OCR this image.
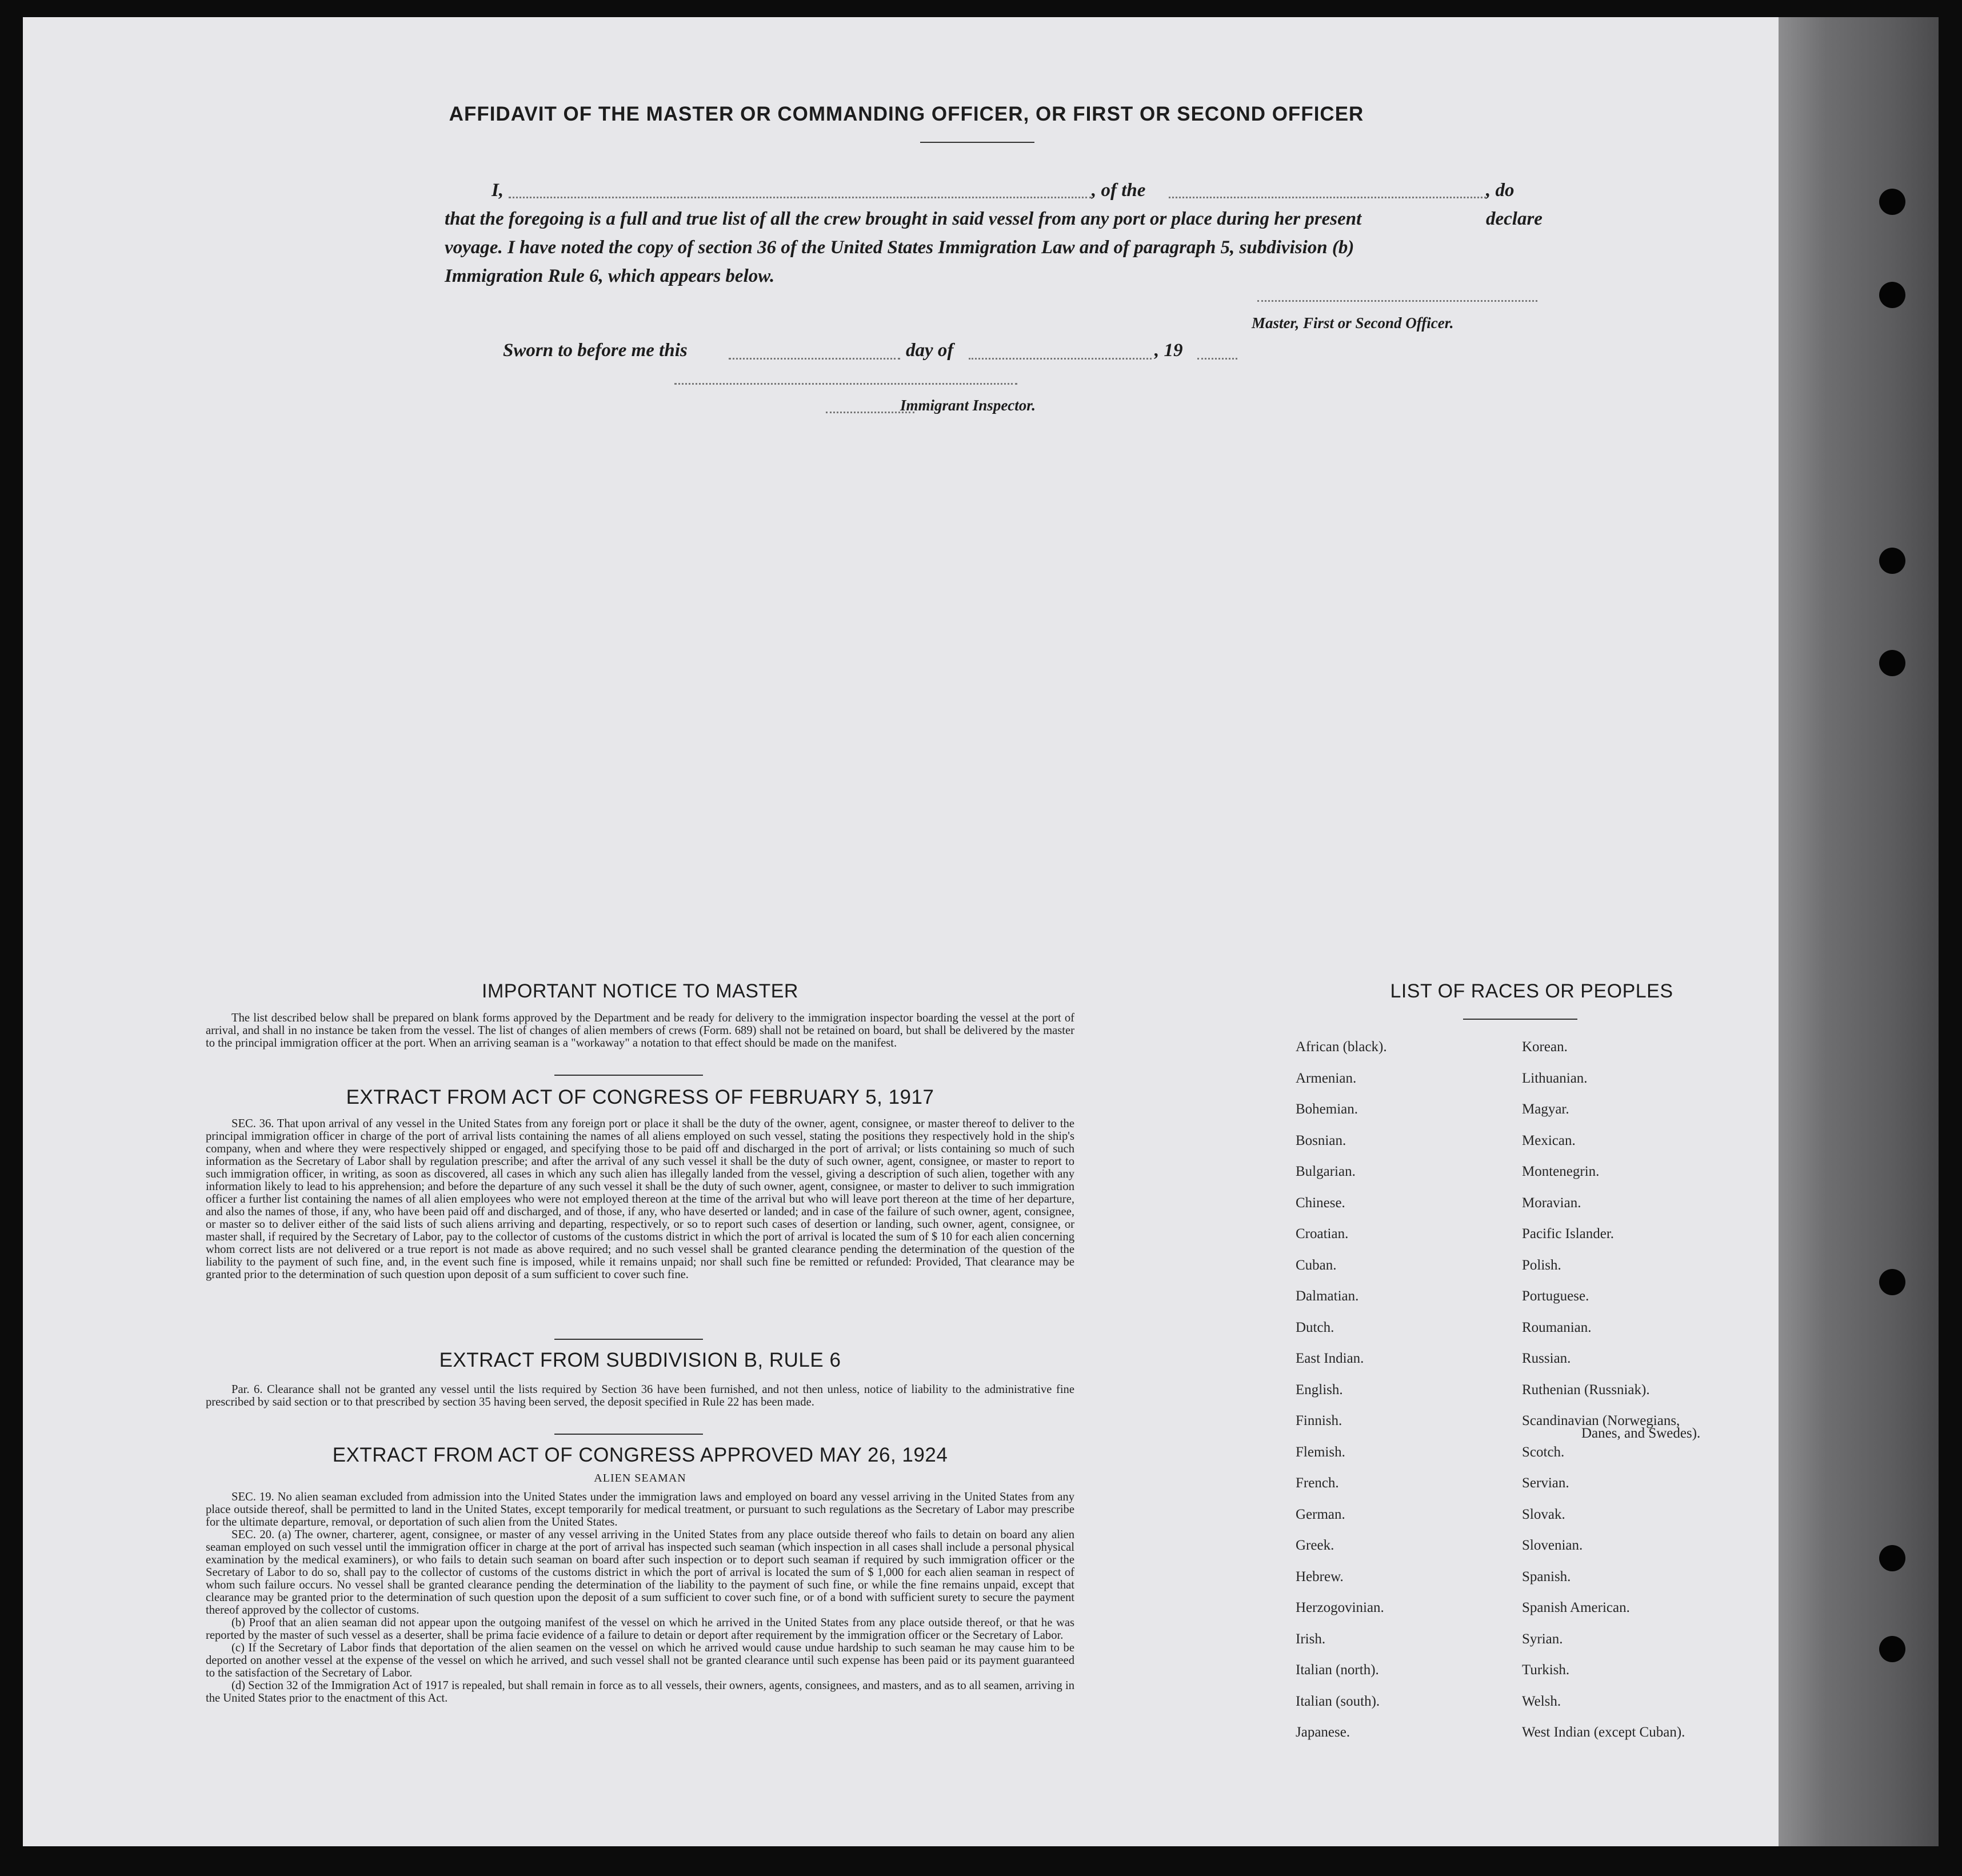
AFFIDAVIT OF THE MASTER OR COMMANDING OFFICER, OR FIRST OR SECOND OFFICER
I,	, of the	, do declare
that the foregoing is a full and true list of all the crew brought in said vessel from any port or place during her present
voyage. I have noted the copy of section 36 of the United States Immigration Law and of paragraph 5, subdivision (b)
Immigration Rule 6, which appears below.
Master, First or Second Officer.
Sworn to before me this	day of	, 19
Immigrant Inspector.
IMPORTANT NOTICE TO MASTER

The list described below shall be prepared on blank forms approved by the Department and be ready for delivery to the immigration inspector boarding the vessel at the port of arrival, and shall in no instance be taken from the vessel. The list of changes of alien members of crews (Form. 689) shall not be retained on board, but shall be delivered by the master to the principal immigration officer at the port. When an arriving seaman is a "workaway" a notation to that effect should be made on the manifest.

EXTRACT FROM ACT OF CONGRESS OF FEBRUARY 5, 1917

SEC. 36. That upon arrival of any vessel in the United States from any foreign port or place it shall be the duty of the owner, agent, consignee, or master thereof to deliver to the principal immigration officer in charge of the port of arrival lists containing the names of all aliens employed on such vessel, stating the positions they respectively hold in the ship's company, when and where they were respectively shipped or engaged, and specifying those to be paid off and discharged in the port of arrival; or lists containing so much of such information as the Secretary of Labor shall by regulation prescribe; and after the arrival of any such vessel it shall be the duty of such owner, agent, consignee, or master to report to such immigration officer, in writing, as soon as discovered, all cases in which any such alien has illegally landed from the vessel, giving a description of such alien, together with any information likely to lead to his apprehension; and before the departure of any such vessel it shall be the duty of such owner, agent, consignee, or master to deliver to such immigration officer a further list containing the names of all alien employees who were not employed thereon at the time of the arrival but who will leave port thereon at the time of her departure, and also the names of those, if any, who have been paid off and discharged, and of those, if any, who have deserted or landed; and in case of the failure of such owner, agent, consignee, or master so to deliver either of the said lists of such aliens arriving and departing, respectively, or so to report such cases of desertion or landing, such owner, agent, consignee, or master shall, if required by the Secretary of Labor, pay to the collector of customs of the customs district in which the port of arrival is located the sum of $ 10 for each alien concerning whom correct lists are not delivered or a true report is not made as above required; and no such vessel shall be granted clearance pending the determination of the question of the liability to the payment of such fine, and, in the event such fine is imposed, while it remains unpaid; nor shall such fine be remitted or refunded: Provided, That clearance may be granted prior to the determination of such question upon deposit of a sum sufficient to cover such fine.

EXTRACT FROM SUBDIVISION B, RULE 6

Par. 6. Clearance shall not be granted any vessel until the lists required by Section 36 have been furnished, and not then unless, notice of liability to the administrative fine prescribed by said section or to that prescribed by section 35 having been served, the deposit specified in Rule 22 has been made.

EXTRACT FROM ACT OF CONGRESS APPROVED MAY 26, 1924
ALIEN SEAMAN

SEC. 19. No alien seaman excluded from admission into the United States under the immigration laws and employed on board any vessel arriving in the United States from any place outside thereof, shall be permitted to land in the United States, except temporarily for medical treatment, or pursuant to such regulations as the Secretary of Labor may prescribe for the ultimate departure, removal, or deportation of such alien from the United States.

SEC. 20. (a) The owner, charterer, agent, consignee, or master of any vessel arriving in the United States from any place outside thereof who fails to detain on board any alien seaman employed on such vessel until the immigration officer in charge at the port of arrival has inspected such seaman (which inspection in all cases shall include a personal physical examination by the medical examiners), or who fails to detain such seaman on board after such inspection or to deport such seaman if required by such immigration officer or the Secretary of Labor to do so, shall pay to the collector of customs of the customs district in which the port of arrival is located the sum of $ 1,000 for each alien seaman in respect of whom such failure occurs. No vessel shall be granted clearance pending the determination of the liability to the payment of such fine, or while the fine remains unpaid, except that clearance may be granted prior to the determination of such question upon the deposit of a sum sufficient to cover such fine, or of a bond with sufficient surety to secure the payment thereof approved by the collector of customs.

(b) Proof that an alien seaman did not appear upon the outgoing manifest of the vessel on which he arrived in the United States from any place outside thereof, or that he was reported by the master of such vessel as a deserter, shall be prima facie evidence of a failure to detain or deport after requirement by the immigration officer or the Secretary of Labor.

(c) If the Secretary of Labor finds that deportation of the alien seamen on the vessel on which he arrived would cause undue hardship to such seaman he may cause him to be deported on another vessel at the expense of the vessel on which he arrived, and such vessel shall not be granted clearance until such expense has been paid or its payment guaranteed to the satisfaction of the Secretary of Labor.

(d) Section 32 of the Immigration Act of 1917 is repealed, but shall remain in force as to all vessels, their owners, agents, consignees, and masters, and as to all seamen, arriving in the United States prior to the enactment of this Act.

LIST OF RACES OR PEOPLES
African (black).
Armenian.
Bohemian.
Bosnian.
Bulgarian.
Chinese.
Croatian.
Cuban.
Dalmatian.
Dutch.
East Indian.
English.
Finnish.
Flemish.
French.
German.
Greek.
Hebrew.
Herzogovinian.
Irish.
Italian (north).
Italian (south).
Japanese.
Korean.
Lithuanian.
Magyar.
Mexican.
Montenegrin.
Moravian.
Pacific Islander.
Polish.
Portuguese.
Roumanian.
Russian.
Ruthenian (Russniak).
Scandinavian (Norwegians,
Scotch.
Servian.
Slovak.
Slovenian.
Spanish.
Spanish American.
Syrian.
Turkish.
Welsh.
West Indian (except Cuban).
Danes, and Swedes).
